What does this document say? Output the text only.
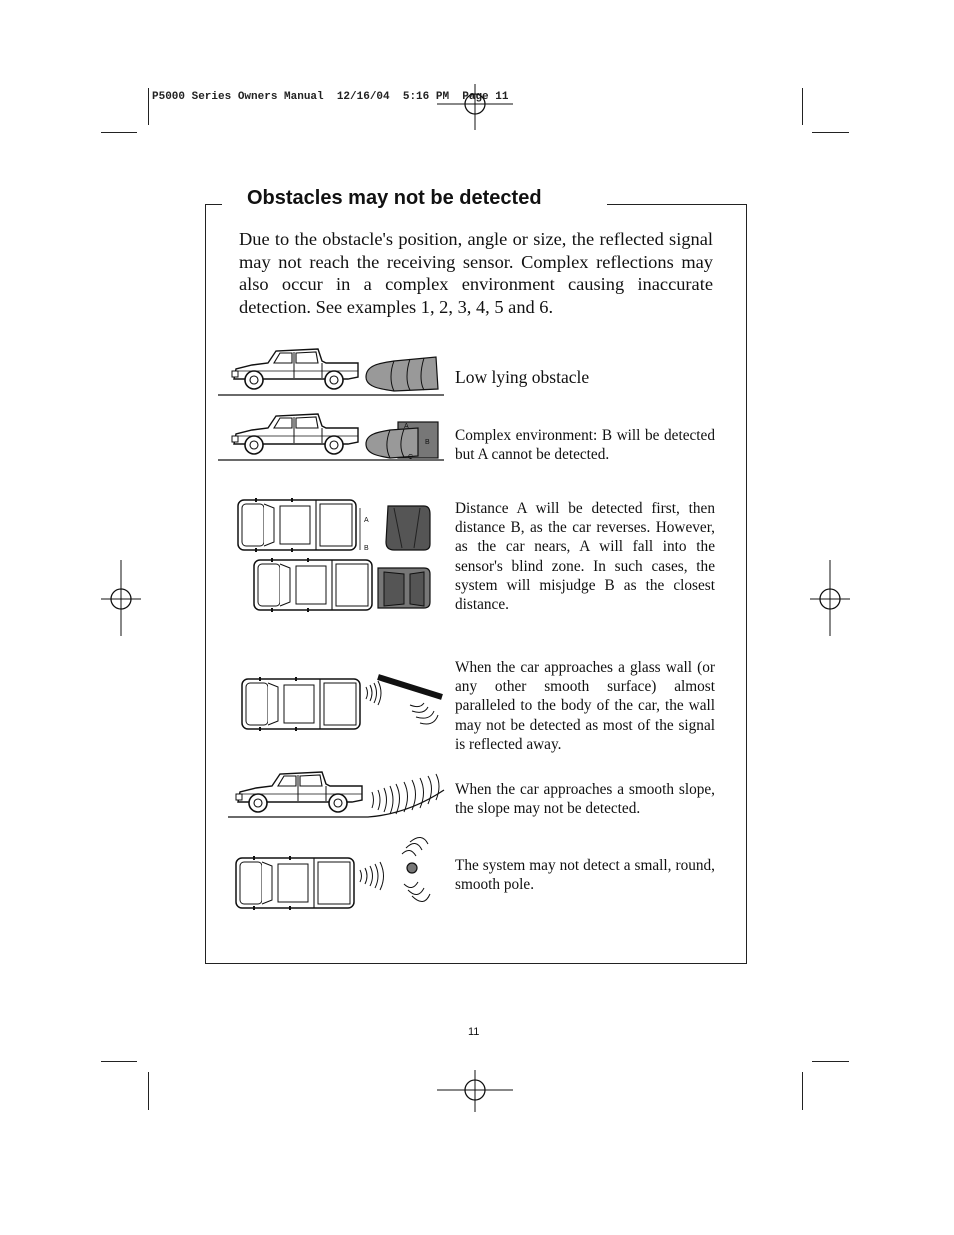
P5000 Series Owners Manual  12/16/04  5:16 PM  Page 11
Obstacles may not be detected
Due to the obstacle's position, angle or size, the reflected signal may not reach the receiving sensor. Complex reflections may also occur in a complex environment causing inaccurate detection. See examples 1, 2, 3, 4, 5 and 6.
Low lying obstacle
A
B
C
Complex environment: B will be detected but A cannot be detected.
A
B
Distance A will be detected first, then distance B, as the car reverses. However, as the car nears, A will fall into the sensor's blind zone. In such cases, the system will misjudge B as the closest distance.
When the car approaches a glass wall (or any other smooth surface) almost paralleled to the body of the car, the wall may not be detected as most of the signal is reflected away.
When the car approaches a smooth slope, the slope may not be detected.
The system may not detect a small, round, smooth pole.
11
